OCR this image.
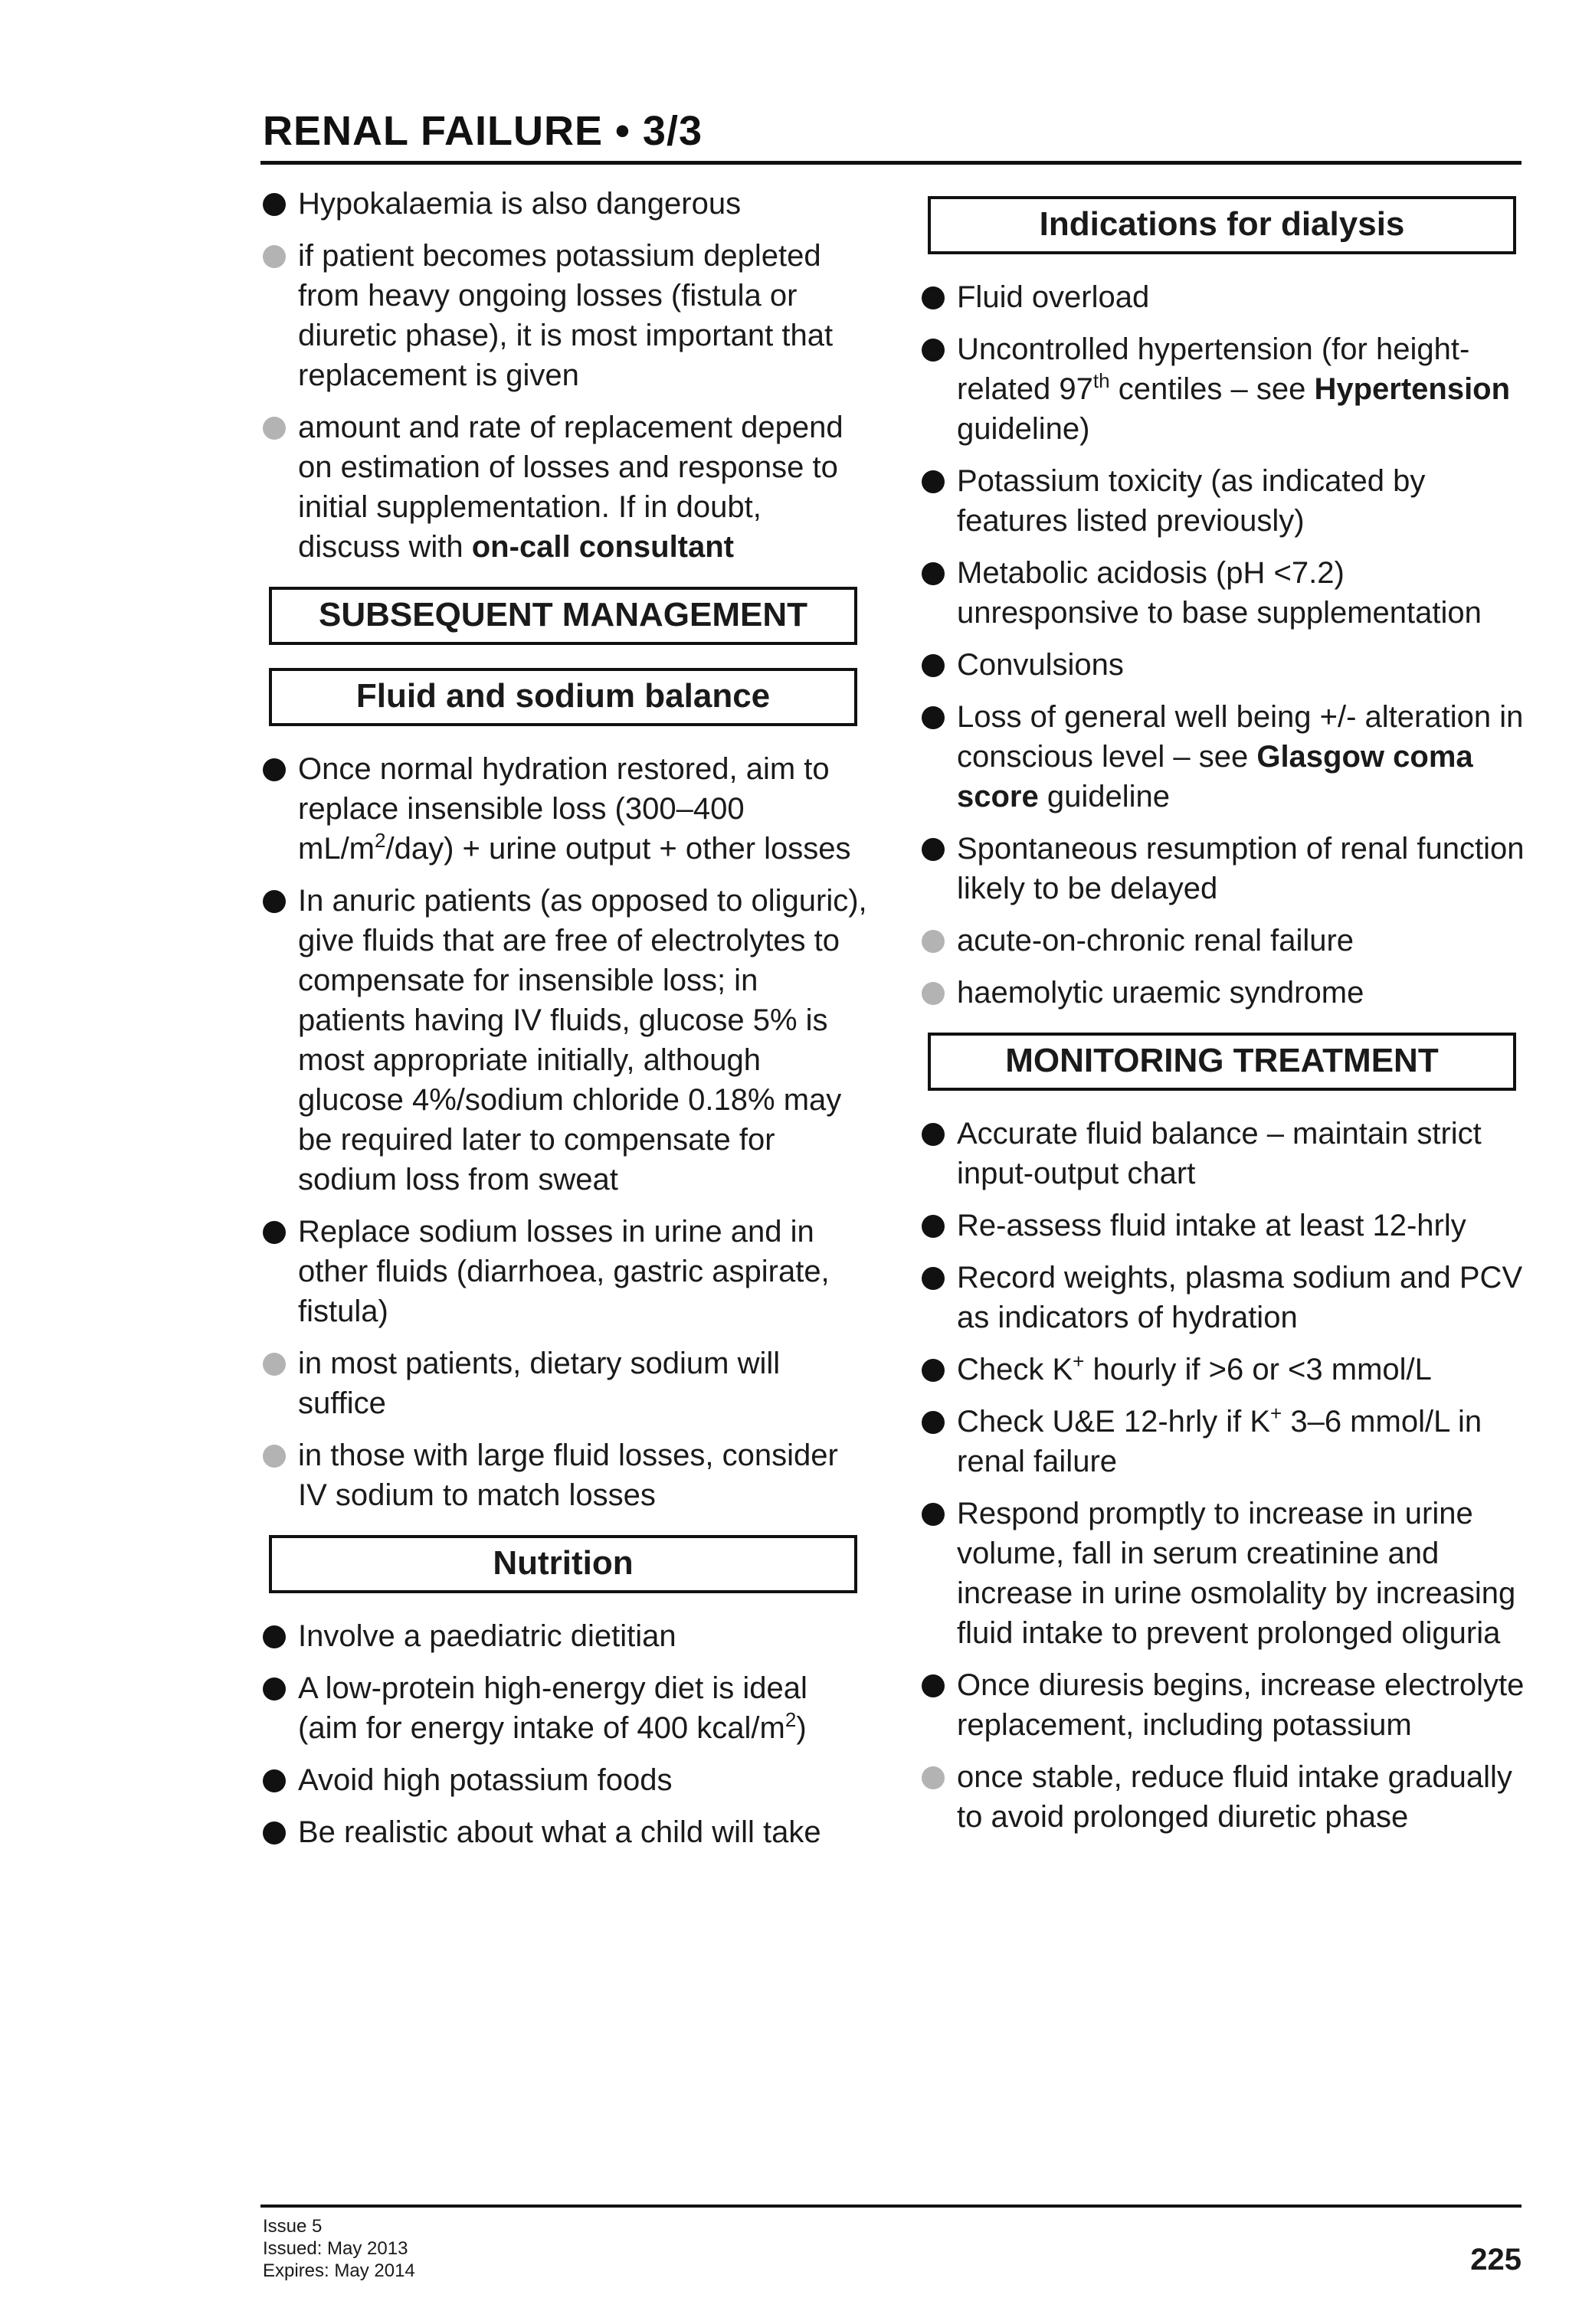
RENAL FAILURE • 3/3
Hypokalaemia is also dangerous
if patient becomes potassium depleted from heavy ongoing losses (fistula or diuretic phase), it is most important that replacement is given
amount and rate of replacement depend on estimation of losses and response to initial supplementation. If in doubt, discuss with on-call consultant
SUBSEQUENT MANAGEMENT
Fluid and sodium balance
Once normal hydration restored, aim to replace insensible loss (300–400 $mL/m^2/day$) + urine output + other losses
In anuric patients (as opposed to oliguric), give fluids that are free of electrolytes to compensate for insensible loss; in patients having IV fluids, glucose 5% is most appropriate initially, although glucose 4%/sodium chloride 0.18% may be required later to compensate for sodium loss from sweat
Replace sodium losses in urine and in other fluids (diarrhoea, gastric aspirate, fistula)
in most patients, dietary sodium will suffice
in those with large fluid losses, consider IV sodium to match losses
Nutrition
Involve a paediatric dietitian
A low-protein high-energy diet is ideal (aim for energy intake of 400 kcal/$m^2$)
Avoid high potassium foods
Be realistic about what a child will take
Indications for dialysis
Fluid overload
Uncontrolled hypertension (for height-related 97th centiles – see Hypertension guideline)
Potassium toxicity (as indicated by features listed previously)
Metabolic acidosis (pH <7.2) unresponsive to base supplementation
Convulsions
Loss of general well being +/- alteration in conscious level – see Glasgow coma score guideline
Spontaneous resumption of renal function likely to be delayed
acute-on-chronic renal failure
haemolytic uraemic syndrome
MONITORING TREATMENT
Accurate fluid balance – maintain strict input-output chart
Re-assess fluid intake at least 12-hrly
Record weights, plasma sodium and PCV as indicators of hydration
Check K+ hourly if >6 or <3 mmol/L
Check U&E 12-hrly if K+ 3–6 mmol/L in renal failure
Respond promptly to increase in urine volume, fall in serum creatinine and increase in urine osmolality by increasing fluid intake to prevent prolonged oliguria
Once diuresis begins, increase electrolyte replacement, including potassium
once stable, reduce fluid intake gradually to avoid prolonged diuretic phase
Issue 5
Issued: May 2013
Expires: May 2014	225
